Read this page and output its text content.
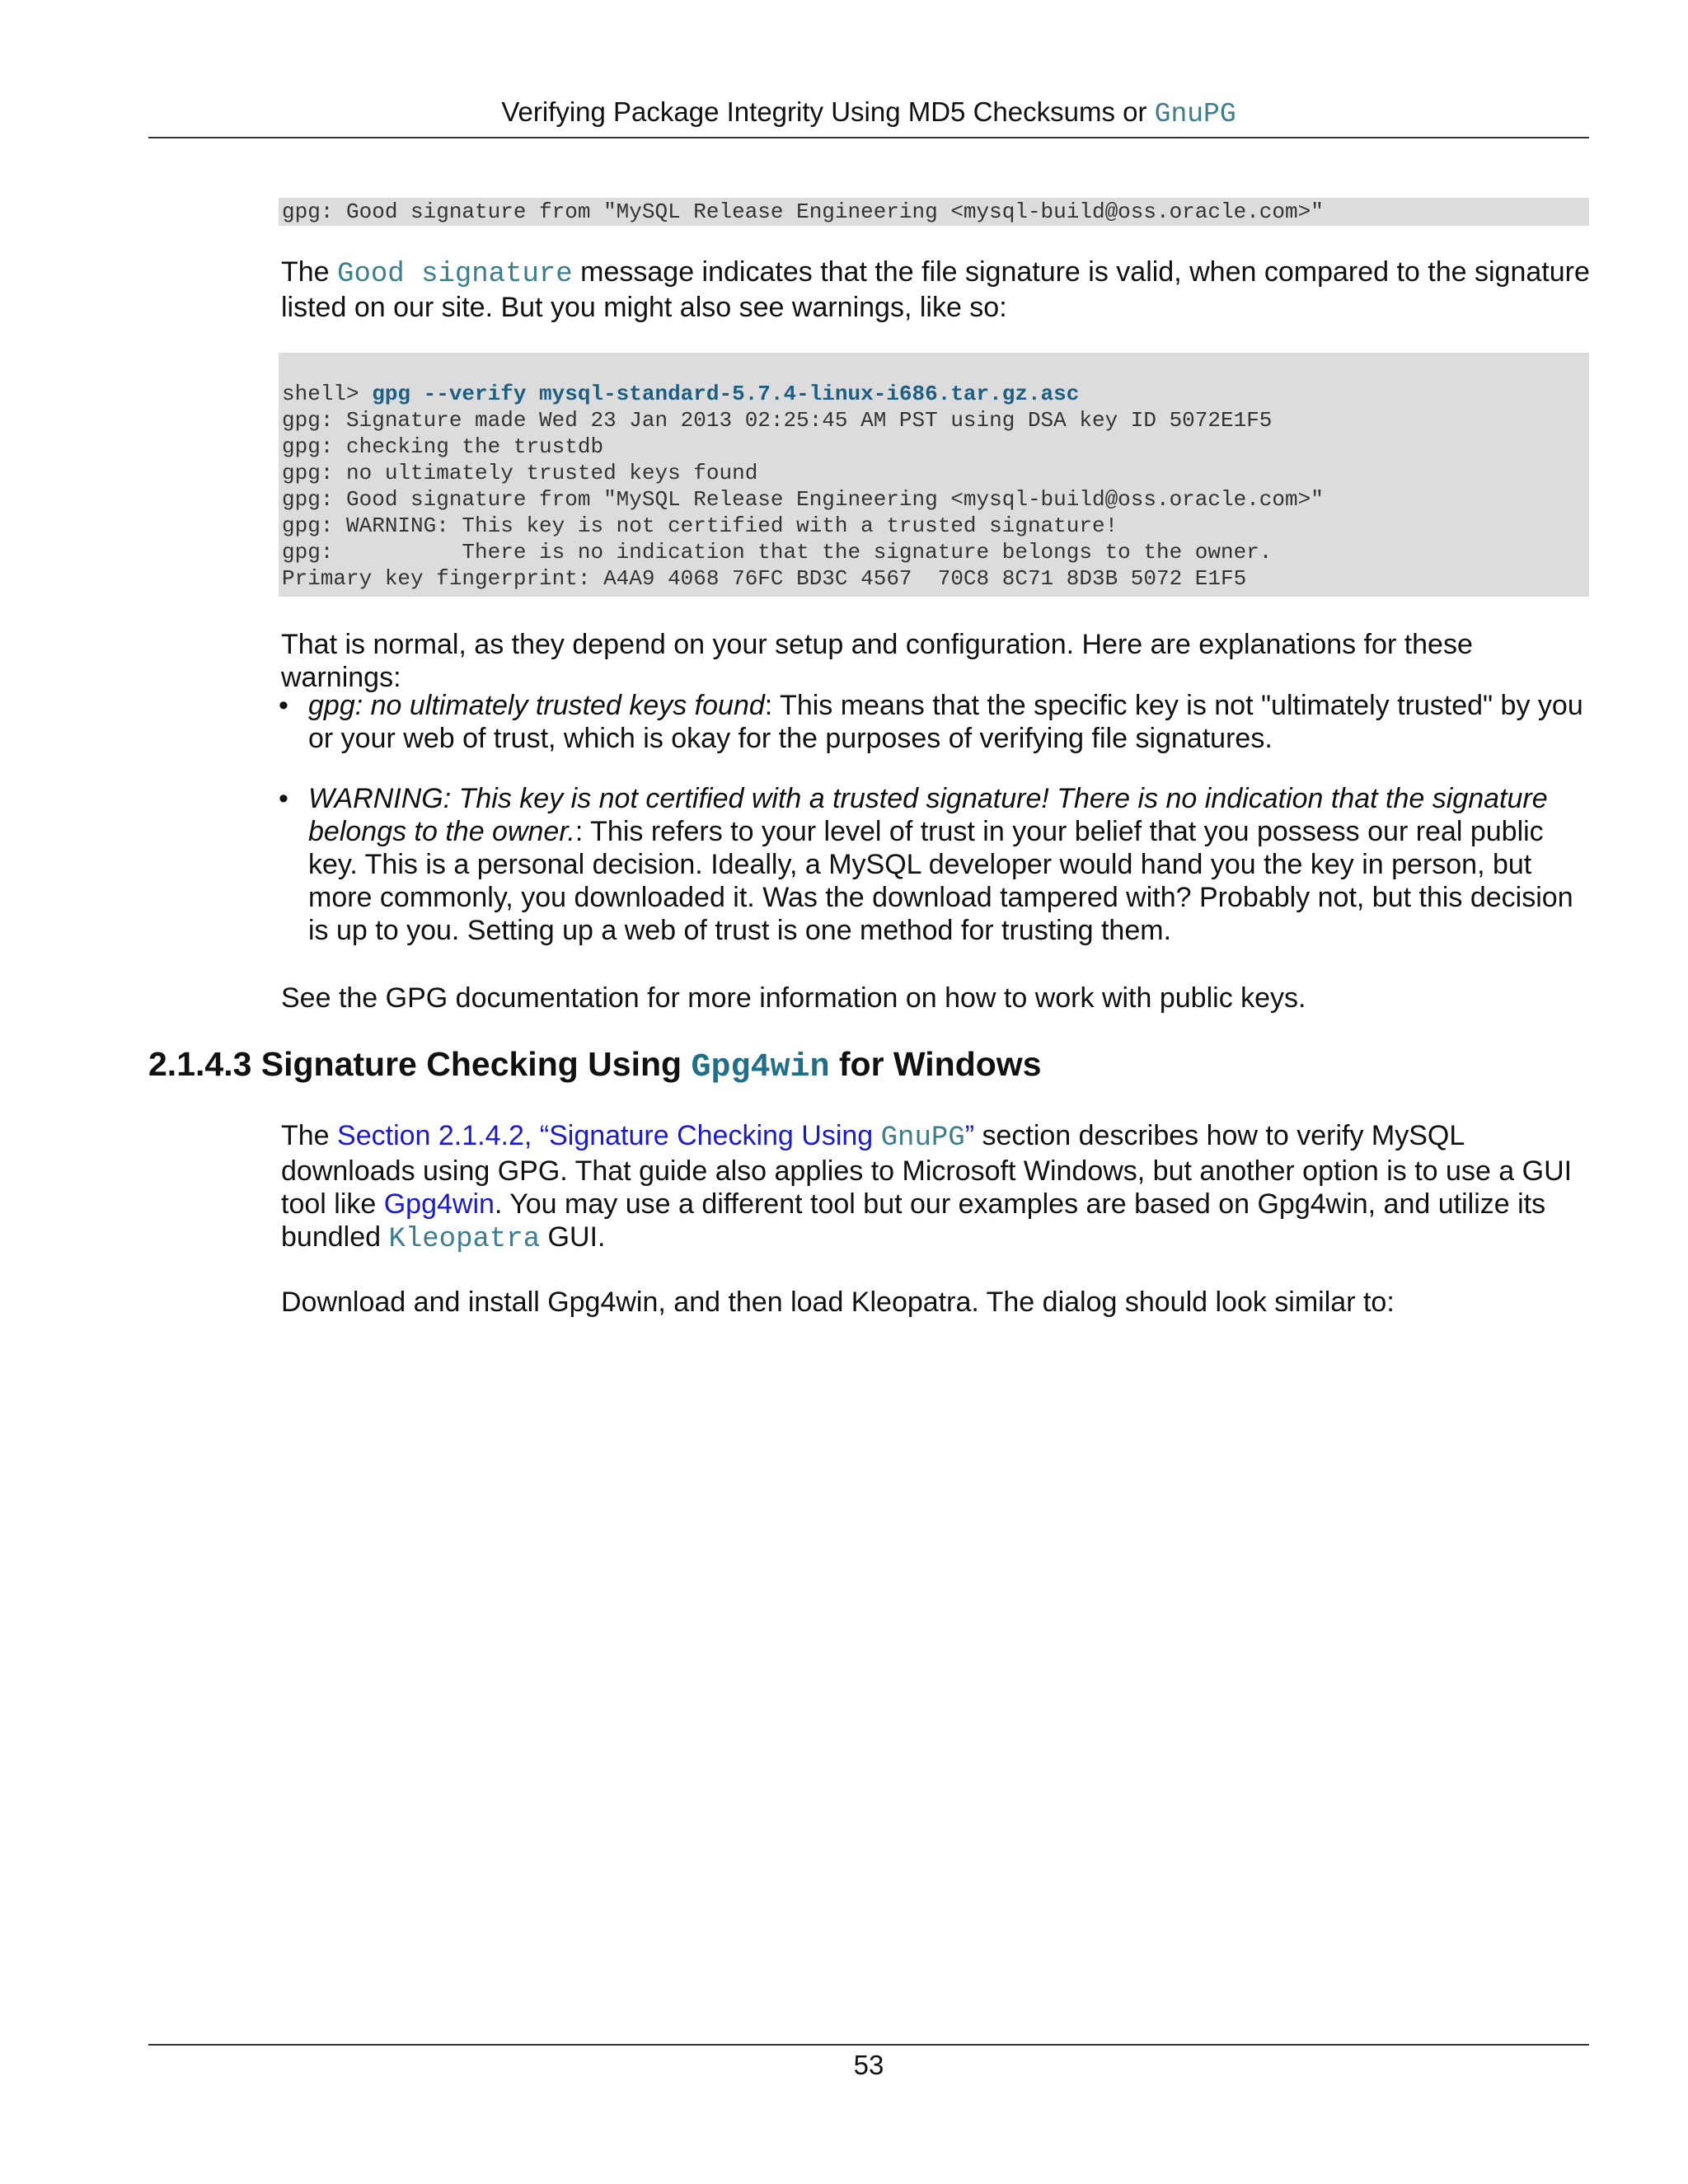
Verifying Package Integrity Using MD5 Checksums or GnuPG
gpg: Good signature from "MySQL Release Engineering <mysql-build@oss.oracle.com>"

The Good signature message indicates that the file signature is valid, when compared to the signature listed on our site. But you might also see warnings, like so:

shell> gpg --verify mysql-standard-5.7.4-linux-i686.tar.gz.asc
gpg: Signature made Wed 23 Jan 2013 02:25:45 AM PST using DSA key ID 5072E1F5
gpg: checking the trustdb
gpg: no ultimately trusted keys found
gpg: Good signature from "MySQL Release Engineering <mysql-build@oss.oracle.com>"
gpg: WARNING: This key is not certified with a trusted signature!
gpg:          There is no indication that the signature belongs to the owner.
Primary key fingerprint: A4A9 4068 76FC BD3C 4567  70C8 8C71 8D3B 5072 E1F5

That is normal, as they depend on your setup and configuration. Here are explanations for these warnings:

• gpg: no ultimately trusted keys found: This means that the specific key is not "ultimately trusted" by you or your web of trust, which is okay for the purposes of verifying file signatures.
• WARNING: This key is not certified with a trusted signature! There is no indication that the signature belongs to the owner.: This refers to your level of trust in your belief that you possess our real public key. This is a personal decision. Ideally, a MySQL developer would hand you the key in person, but more commonly, you downloaded it. Was the download tampered with? Probably not, but this decision is up to you. Setting up a web of trust is one method for trusting them.

See the GPG documentation for more information on how to work with public keys.

2.1.4.3 Signature Checking Using Gpg4win for Windows

The Section 2.1.4.2, “Signature Checking Using GnuPG” section describes how to verify MySQL downloads using GPG. That guide also applies to Microsoft Windows, but another option is to use a GUI tool like Gpg4win. You may use a different tool but our examples are based on Gpg4win, and utilize its bundled Kleopatra GUI.

Download and install Gpg4win, and then load Kleopatra. The dialog should look similar to:

53
